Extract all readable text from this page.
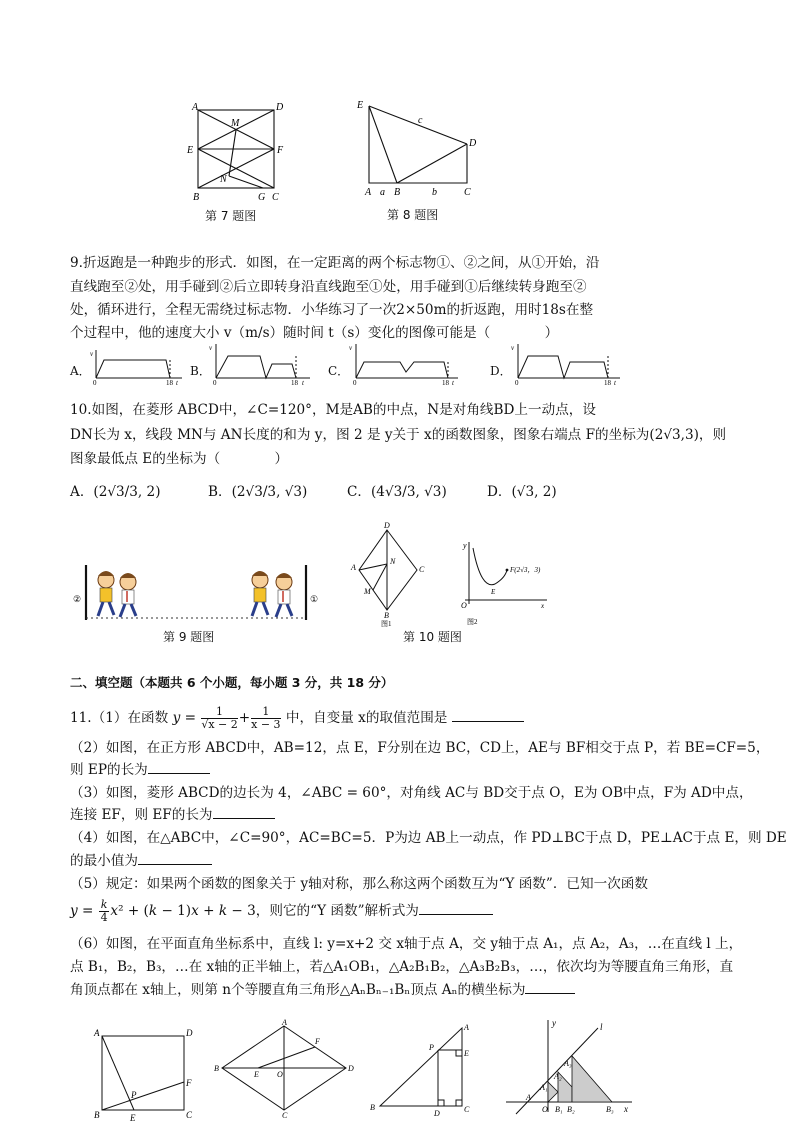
A	D
M
E	F
N
B	G C
第 7 题图
E
c
D
A a B	b	C
第 8 题图
9.折返跑是一种跑步的形式．如图，在一定距离的两个标志物①、②之间，从①开始，沿
直线跑至②处，用手碰到②后立即转身沿直线跑至①处，用手碰到①后继续转身跑至②
处，循环进行，全程无需绕过标志物．小华练习了一次2×50m的折返跑，用时18s在整
个过程中，他的速度大小 v（m/s）随时间 t（s）变化的图像可能是（　　　　）
A．
v
0	18 t
B．
v
0	18 t
C．
v
0	18 t
D．
v
0	18 t
10.如图，在菱形 ABCD中，∠C=120°，M是AB的中点，N是对角线BD上一动点，设
DN长为 x，线段 MN与 AN长度的和为 y，图 2 是 y关于 x的函数图象，图象右端点 F的坐标为(2√3,3)，则
图象最低点 E的坐标为（　　　　）
A．(2√3/3, 2)	B．(2√3/3, √3)	C．(4√3/3, √3)	D．(√3, 2)
②	①
第 9 题图
D
N
A	C
M
B
图1
y
F(2√3，3)
E
O	x
图2
第 10 题图
二、填空题（本题共 6 个小题，每小题 3 分，共 18 分）
11.（1）在函数 $y = \frac{1}{√x - 2} + \frac{1}{x - 3}$ 中，自变量 x的取值范围是
（2）如图，在正方形 ABCD中，AB=12，点 E，F分别在边 BC，CD上，AE与 BF相交于点 P，若 BE=CF=5，
则 EP的长为
（3）如图，菱形 ABCD的边长为 4，∠ABC = 60°，对角线 AC与 BD交于点 O，E为 OB中点，F为 AD中点，
连接 EF，则 EF的长为
（4）如图，在△ABC中，∠C=90°，AC=BC=5．P为边 AB上一动点，作 PD⊥BC于点 D，PE⊥AC于点 E，则 DE
的最小值为
（5）规定：如果两个函数的图象关于 y轴对称，那么称这两个函数互为“Y 函数”．已知一次函数
$y = \frac{k}{4} x^2 + (k - 1)x + k - 3$，则它的“Y 函数”解析式为
（6）如图，在平面直角坐标系中，直线 l: y=x+2 交 x轴于点 A，交 y轴于点 A₁，点 A₂，A₃，…在直线 l 上，
点 B₁，B₂，B₃，…在 x轴的正半轴上，若△A₁OB₁，△A₂B₁B₂，△A₃B₂B₃，…，依次均为等腰直角三角形，直
角顶点都在 x轴上，则第 n个等腰直角三角形△AₙBₙ₋₁Bₙ顶点 Aₙ的横坐标为
A	D
F
P
B	E	C
A
F
B
E O
D
C
A
P
E
B
D	C
y	l
A₃
A₂
A₁
A
O B₁ B₂	B₃ x
